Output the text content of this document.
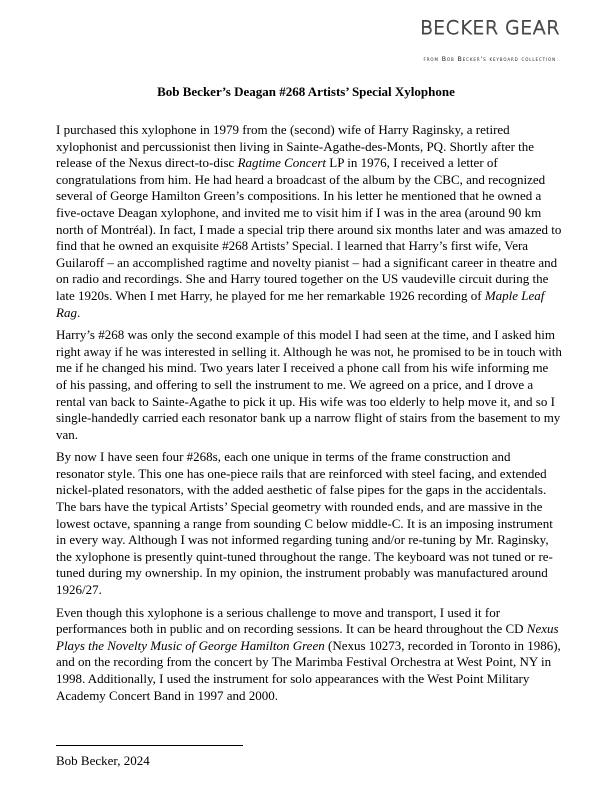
BECKER GEAR
from Bob Becker's keyboard collection
Bob Becker’s Deagan #268 Artists’ Special Xylophone

I purchased this xylophone in 1979 from the (second) wife of Harry Raginsky, a retired xylophonist and percussionist then living in Sainte-Agathe-des-Monts, PQ. Shortly after the release of the Nexus direct-to-disc Ragtime Concert LP in 1976, I received a letter of congratulations from him. He had heard a broadcast of the album by the CBC, and recognized several of George Hamilton Green’s compositions. In his letter he mentioned that he owned a five-octave Deagan xylophone, and invited me to visit him if I was in the area (around 90 km north of Montréal). In fact, I made a special trip there around six months later and was amazed to find that he owned an exquisite #268 Artists’ Special. I learned that Harry’s first wife, Vera Guilaroff – an accomplished ragtime and novelty pianist – had a significant career in theatre and on radio and recordings. She and Harry toured together on the US vaudeville circuit during the late 1920s. When I met Harry, he played for me her remarkable 1926 recording of Maple Leaf Rag.

Harry’s #268 was only the second example of this model I had seen at the time, and I asked him right away if he was interested in selling it. Although he was not, he promised to be in touch with me if he changed his mind. Two years later I received a phone call from his wife informing me of his passing, and offering to sell the instrument to me. We agreed on a price, and I drove a rental van back to Sainte-Agathe to pick it up. His wife was too elderly to help move it, and so I single-handedly carried each resonator bank up a narrow flight of stairs from the basement to my van.

By now I have seen four #268s, each one unique in terms of the frame construction and resonator style. This one has one-piece rails that are reinforced with steel facing, and extended nickel-plated resonators, with the added aesthetic of false pipes for the gaps in the accidentals. The bars have the typical Artists’ Special geometry with rounded ends, and are massive in the lowest octave, spanning a range from sounding C below middle-C. It is an imposing instrument in every way. Although I was not informed regarding tuning and/or re-tuning by Mr. Raginsky, the xylophone is presently quint-tuned throughout the range. The keyboard was not tuned or re-tuned during my ownership. In my opinion, the instrument probably was manufactured around 1926/27.

Even though this xylophone is a serious challenge to move and transport, I used it for performances both in public and on recording sessions. It can be heard throughout the CD Nexus Plays the Novelty Music of George Hamilton Green (Nexus 10273, recorded in Toronto in 1986), and on the recording from the concert by The Marimba Festival Orchestra at West Point, NY in 1998. Additionally, I used the instrument for solo appearances with the West Point Military Academy Concert Band in 1997 and 2000.

Bob Becker, 2024
